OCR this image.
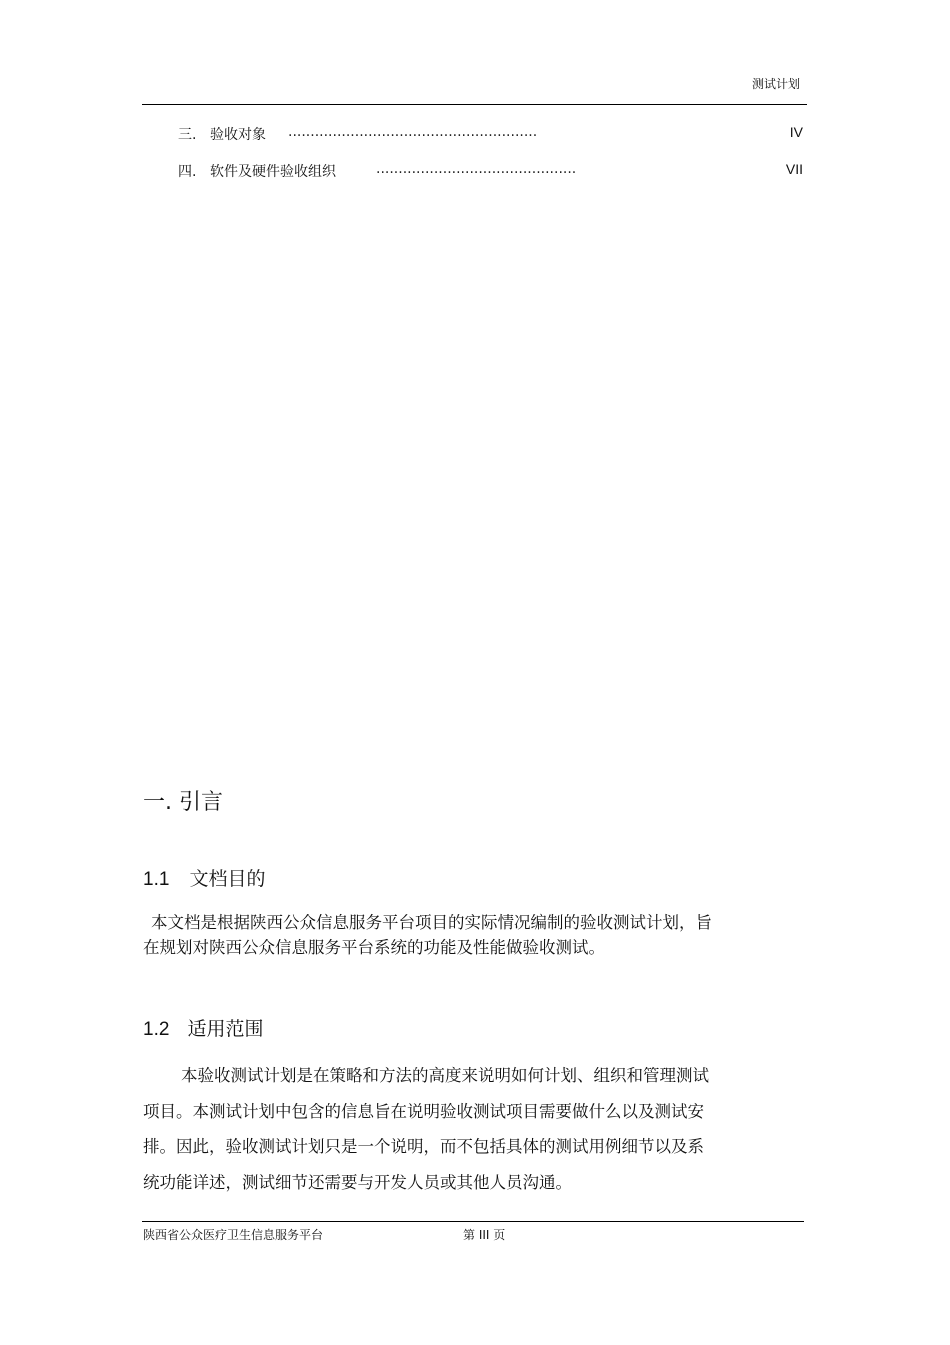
测试计划
三. 验收对象 ........................................................	IV
四. 软件及硬件验收组织	.............................................	VII
一. 引言
1.1 文档目的
本文档是根据陕西公众信息服务平台项目的实际情况编制的验收测试计划，旨
在规划对陕西公众信息服务平台系统的功能及性能做验收测试。
1.2 适用范围
本验收测试计划是在策略和方法的高度来说明如何计划、组织和管理测试
项目。本测试计划中包含的信息旨在说明验收测试项目需要做什么以及测试安
排。因此，验收测试计划只是一个说明，而不包括具体的测试用例细节以及系
统功能详述，测试细节还需要与开发人员或其他人员沟通。
陕西省公众医疗卫生信息服务平台	第 III 页
